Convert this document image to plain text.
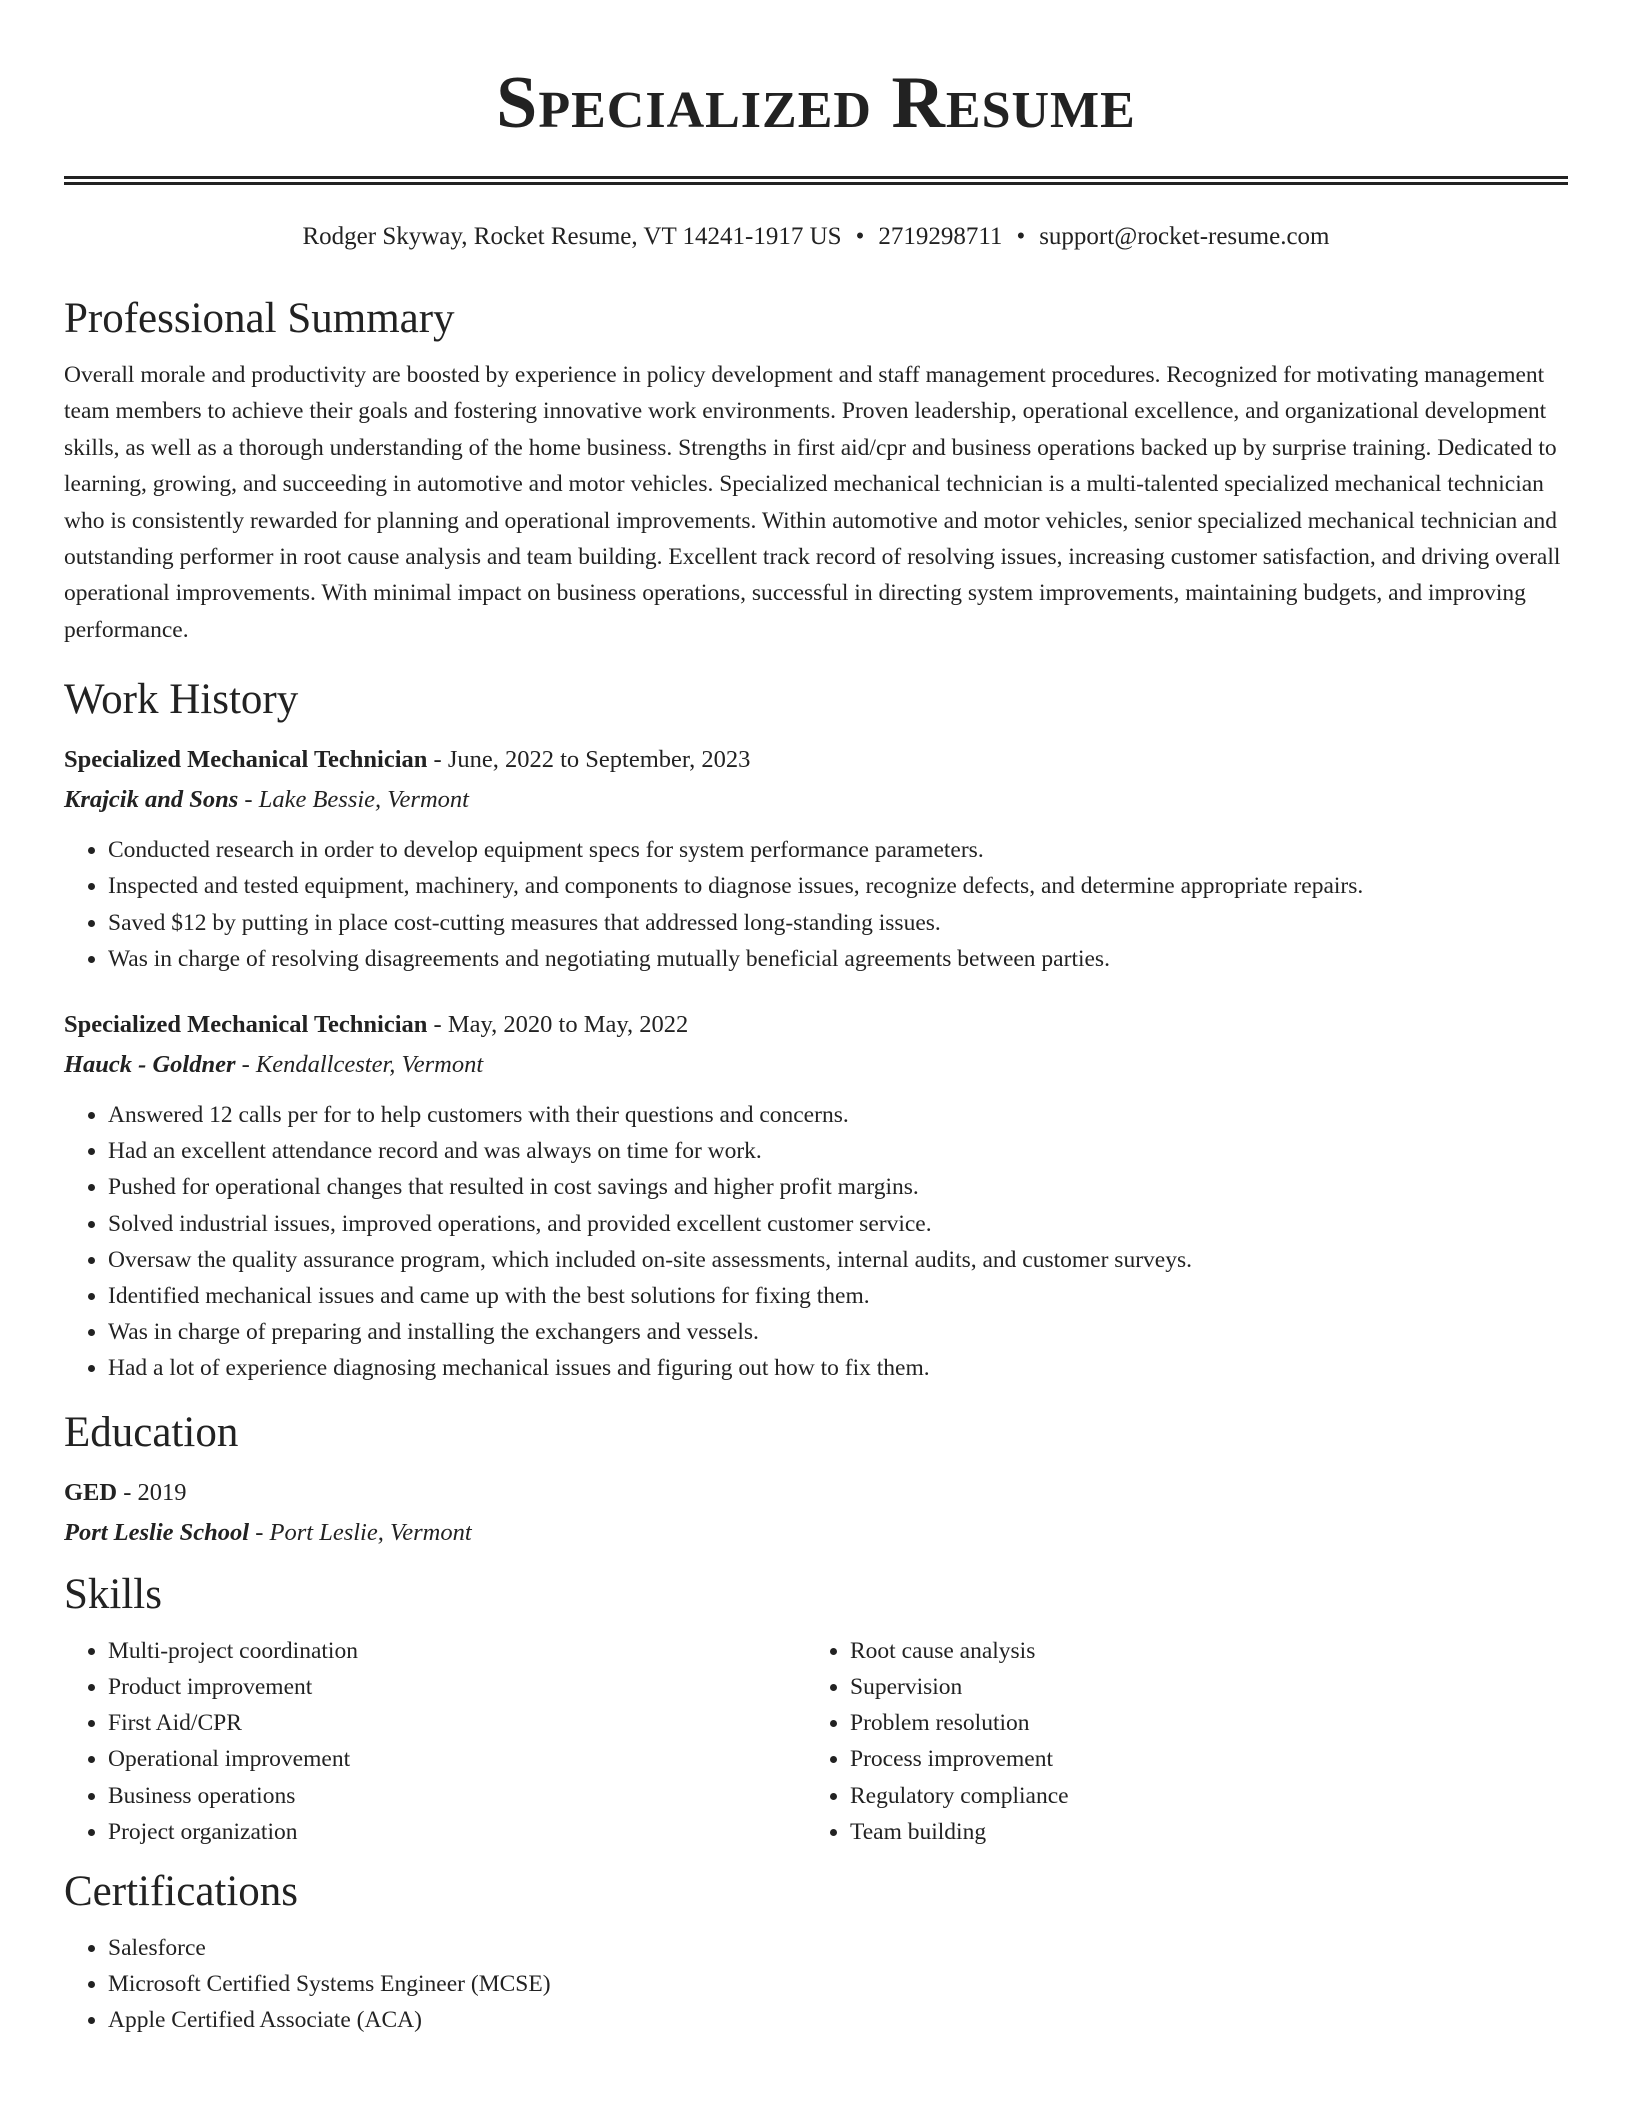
Specialized Resume
Rodger Skyway, Rocket Resume, VT 14241-1917 US • 2719298711 • support@rocket-resume.com
Professional Summary

Overall morale and productivity are boosted by experience in policy development and staff management procedures. Recognized for motivating management team members to achieve their goals and fostering innovative work environments. Proven leadership, operational excellence, and organizational development skills, as well as a thorough understanding of the home business. Strengths in first aid/cpr and business operations backed up by surprise training. Dedicated to learning, growing, and succeeding in automotive and motor vehicles. Specialized mechanical technician is a multi-talented specialized mechanical technician who is consistently rewarded for planning and operational improvements. Within automotive and motor vehicles, senior specialized mechanical technician and outstanding performer in root cause analysis and team building. Excellent track record of resolving issues, increasing customer satisfaction, and driving overall operational improvements. With minimal impact on business operations, successful in directing system improvements, maintaining budgets, and improving performance.

Work History
Specialized Mechanical Technician - June, 2022 to September, 2023
Krajcik and Sons - Lake Bessie, Vermont
• Conducted research in order to develop equipment specs for system performance parameters.
• Inspected and tested equipment, machinery, and components to diagnose issues, recognize defects, and determine appropriate repairs.
• Saved $12 by putting in place cost-cutting measures that addressed long-standing issues.
• Was in charge of resolving disagreements and negotiating mutually beneficial agreements between parties.
Specialized Mechanical Technician - May, 2020 to May, 2022
Hauck - Goldner - Kendallcester, Vermont
• Answered 12 calls per for to help customers with their questions and concerns.
• Had an excellent attendance record and was always on time for work.
• Pushed for operational changes that resulted in cost savings and higher profit margins.
• Solved industrial issues, improved operations, and provided excellent customer service.
• Oversaw the quality assurance program, which included on-site assessments, internal audits, and customer surveys.
• Identified mechanical issues and came up with the best solutions for fixing them.
• Was in charge of preparing and installing the exchangers and vessels.
• Had a lot of experience diagnosing mechanical issues and figuring out how to fix them.
Education
GED - 2019
Port Leslie School - Port Leslie, Vermont
Skills
• Multi-project coordination
• Product improvement
• First Aid/CPR
• Operational improvement
• Business operations
• Project organization
• Root cause analysis
• Supervision
• Problem resolution
• Process improvement
• Regulatory compliance
• Team building
Certifications
• Salesforce
• Microsoft Certified Systems Engineer (MCSE)
• Apple Certified Associate (ACA)
